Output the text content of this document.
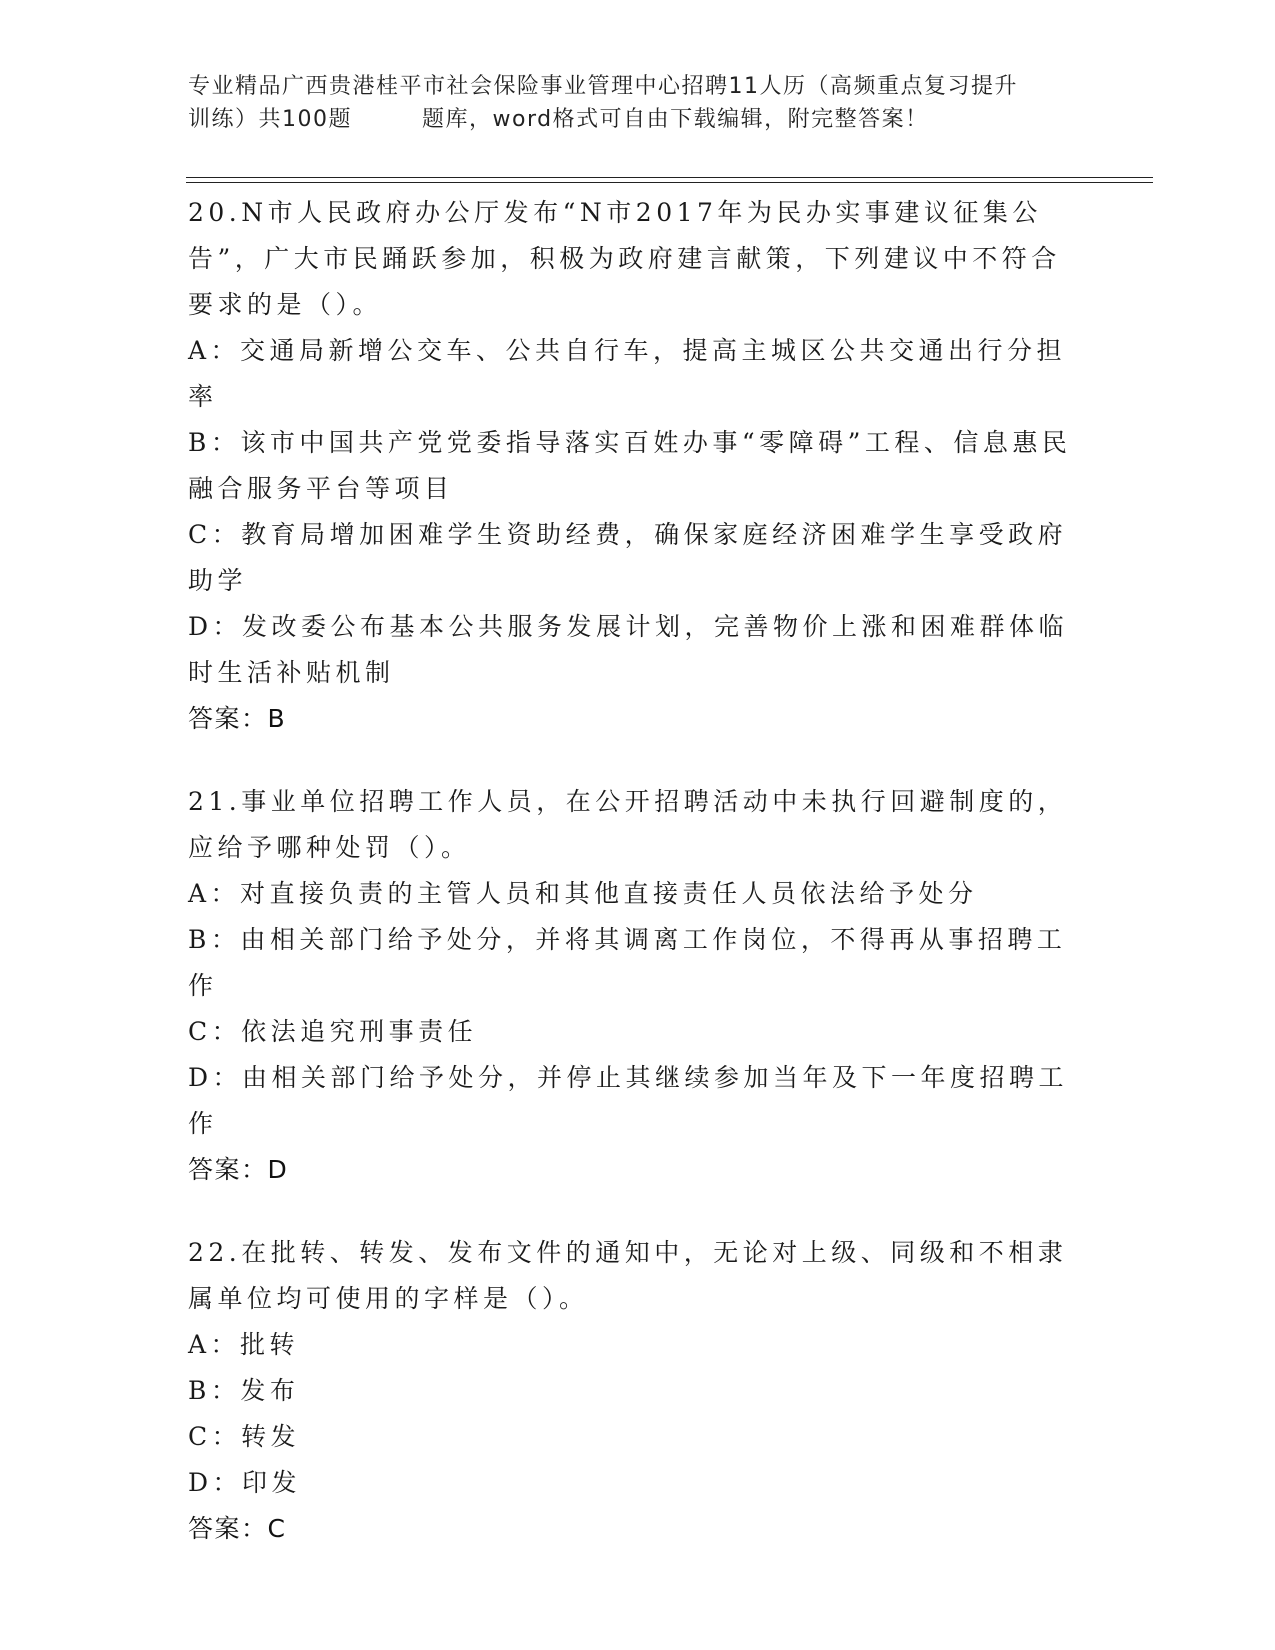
专业精品广西贵港桂平市社会保险事业管理中心招聘11人历（高频重点复习提升
训练）共100题	题库，word格式可自由下载编辑，附完整答案！
20.N市人民政府办公厅发布“N市2017年为民办实事建议征集公告”，广大市民踊跃参加，积极为政府建言献策，下列建议中不符合要求的是（）。
A：交通局新增公交车、公共自行车，提高主城区公共交通出行分担率
B：该市中国共产党党委指导落实百姓办事“零障碍”工程、信息惠民融合服务平台等项目
C：教育局增加困难学生资助经费，确保家庭经济困难学生享受政府助学
D：发改委公布基本公共服务发展计划，完善物价上涨和困难群体临时生活补贴机制
答案：B
21.事业单位招聘工作人员，在公开招聘活动中未执行回避制度的，应给予哪种处罚（）。
A：对直接负责的主管人员和其他直接责任人员依法给予处分
B：由相关部门给予处分，并将其调离工作岗位，不得再从事招聘工作
C：依法追究刑事责任
D：由相关部门给予处分，并停止其继续参加当年及下一年度招聘工作
答案：D
22.在批转、转发、发布文件的通知中，无论对上级、同级和不相隶属单位均可使用的字样是（）。
A：批转
B：发布
C：转发
D：印发
答案：C
